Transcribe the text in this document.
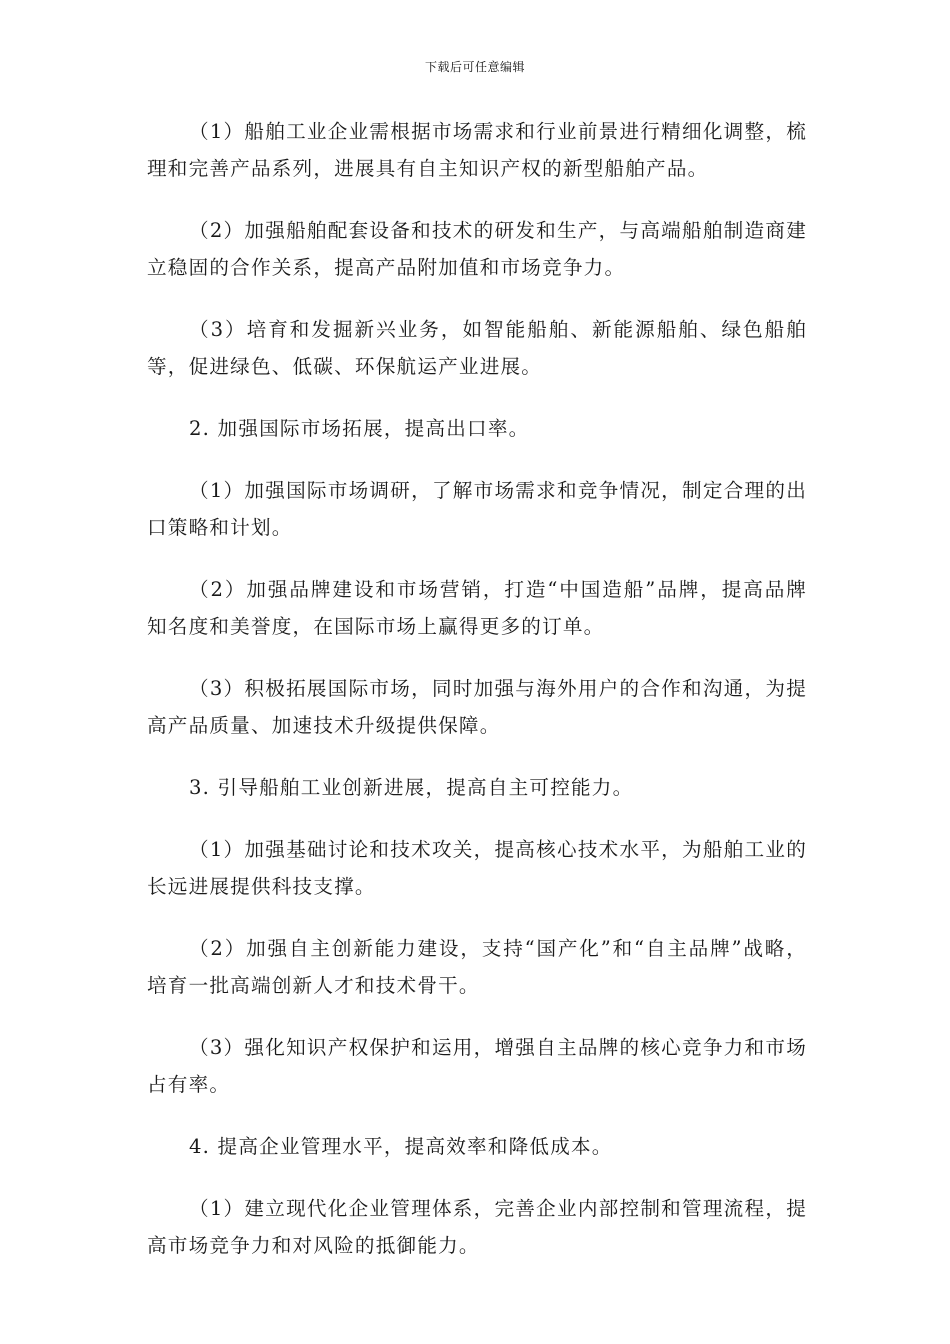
下载后可任意编辑

（1）船舶工业企业需根据市场需求和行业前景进行精细化调整，梳理和完善产品系列，进展具有自主知识产权的新型船舶产品。

（2）加强船舶配套设备和技术的研发和生产，与高端船舶制造商建立稳固的合作关系，提高产品附加值和市场竞争力。

（3）培育和发掘新兴业务，如智能船舶、新能源船舶、绿色船舶等，促进绿色、低碳、环保航运产业进展。

2. 加强国际市场拓展，提高出口率。

（1）加强国际市场调研，了解市场需求和竞争情况，制定合理的出口策略和计划。

（2）加强品牌建设和市场营销，打造“中国造船”品牌，提高品牌知名度和美誉度，在国际市场上赢得更多的订单。

（3）积极拓展国际市场，同时加强与海外用户的合作和沟通，为提高产品质量、加速技术升级提供保障。

3. 引导船舶工业创新进展，提高自主可控能力。

（1）加强基础讨论和技术攻关，提高核心技术水平，为船舶工业的长远进展提供科技支撑。

（2）加强自主创新能力建设，支持“国产化”和“自主品牌”战略，培育一批高端创新人才和技术骨干。

（3）强化知识产权保护和运用，增强自主品牌的核心竞争力和市场占有率。

4. 提高企业管理水平，提高效率和降低成本。

（1）建立现代化企业管理体系，完善企业内部控制和管理流程，提高市场竞争力和对风险的抵御能力。
